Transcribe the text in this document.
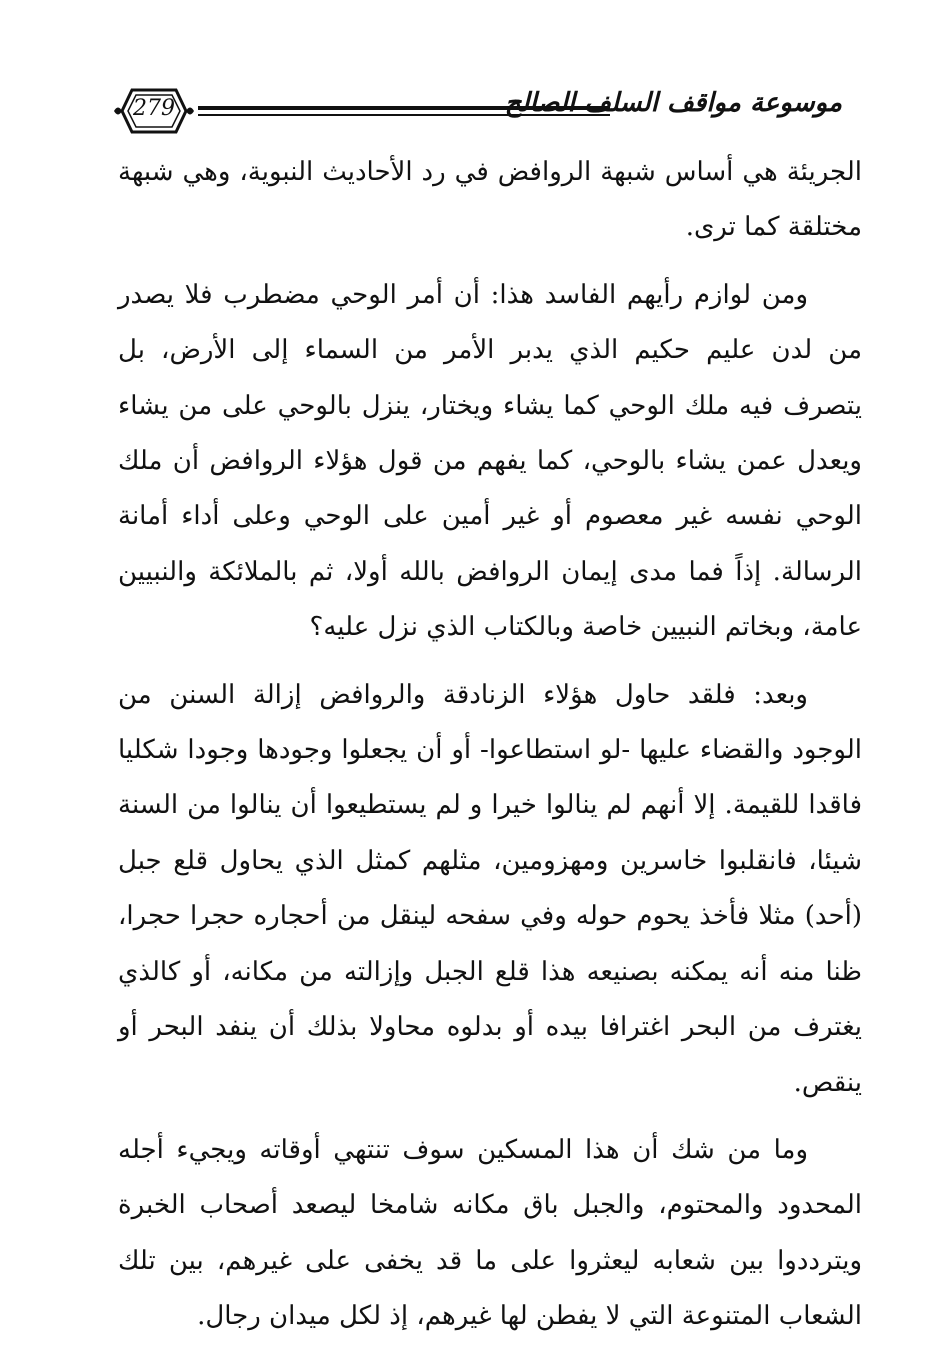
279	موسوعة مواقف السلف الصالح

الجريئة هي أساس شبهة الروافض في رد الأحاديث النبوية، وهي شبهة مختلقة كما ترى.

ومن لوازم رأيهم الفاسد هذا: أن أمر الوحي مضطرب فلا يصدر من لدن عليم حكيم الذي يدبر الأمر من السماء إلى الأرض، بل يتصرف فيه ملك الوحي كما يشاء ويختار، ينزل بالوحي على من يشاء ويعدل عمن يشاء بالوحي، كما يفهم من قول هؤلاء الروافض أن ملك الوحي نفسه غير معصوم أو غير أمين على الوحي وعلى أداء أمانة الرسالة. إذاً فما مدى إيمان الروافض بالله أولا، ثم بالملائكة والنبيين عامة، وبخاتم النبيين خاصة وبالكتاب الذي نزل عليه؟

وبعد: فلقد حاول هؤلاء الزنادقة والروافض إزالة السنن من الوجود والقضاء عليها -لو استطاعوا- أو أن يجعلوا وجودها وجودا شكليا فاقدا للقيمة. إلا أنهم لم ينالوا خيرا و لم يستطيعوا أن ينالوا من السنة شيئا، فانقلبوا خاسرين ومهزومين، مثلهم كمثل الذي يحاول قلع جبل (أحد) مثلا فأخذ يحوم حوله وفي سفحه لينقل من أحجاره حجرا حجرا، ظنا منه أنه يمكنه بصنيعه هذا قلع الجبل وإزالته من مكانه، أو كالذي يغترف من البحر اغترافا بيده أو بدلوه محاولا بذلك أن ينفد البحر أو ينقص.

وما من شك أن هذا المسكين سوف تنتهي أوقاته ويجيء أجله المحدود والمحتوم، والجبل باق مكانه شامخا ليصعد أصحاب الخبرة ويترددوا بين شعابه ليعثروا على ما قد يخفى على غيرهم، بين تلك الشعاب المتنوعة التي لا يفطن لها غيرهم، إذ لكل ميدان رجال.
